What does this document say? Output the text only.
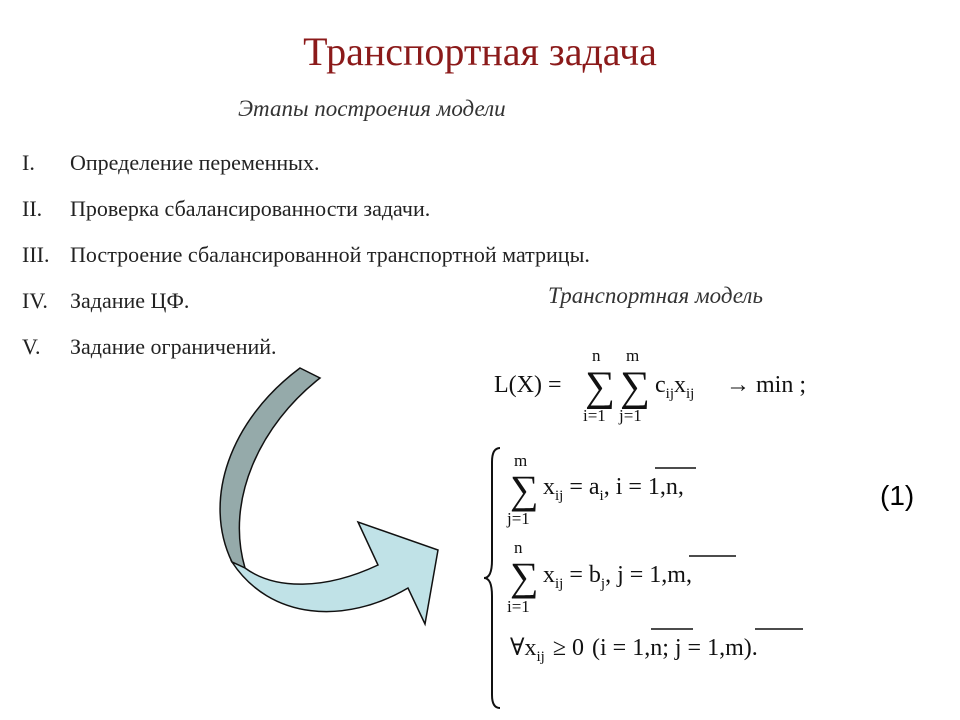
Транспортная задача
Этапы построения модели
I.	Определение переменных.
II.	Проверка сбалансированности задачи.
III. Построение сбалансированной транспортной матрицы.
IV.	Задание ЦФ.
V.	Задание ограничений.
Транспортная модель
(1)
L(X) = ∑
n
i=1
∑
m
j=1
$c_{ij}x_{ij} \to \min$ ;
∑
m
j=1
$x_{ij} = a_i$, i = 1,n,
∑
n
i=1
$x_{ij} = b_j$, j = 1,m,
$\forall x_{ij} \ge 0$ (i = 1,n; j = 1,m).
